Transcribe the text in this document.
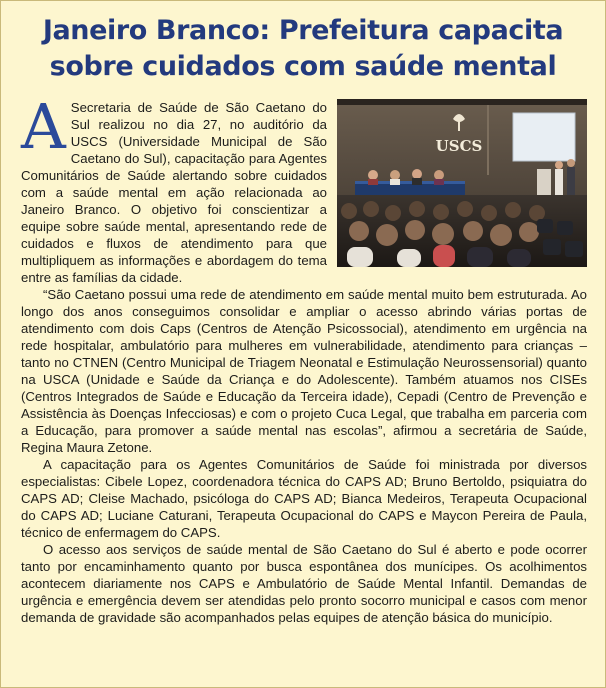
Janeiro Branco: Prefeitura capacita
sobre cuidados com saúde mental
USCS

A Secretaria de Saúde de São Caetano do Sul realizou no dia 27, no auditório da USCS (Universidade Municipal de São Caetano do Sul), capacitação para Agentes Comunitários de Saúde alertando sobre cuidados com a saúde mental em ação relacionada ao Janeiro Branco. O objetivo foi conscientizar a equipe sobre saúde mental, apresentando rede de cuidados e fluxos de atendimento para que multipliquem as informações e abordagem do tema entre as famílias da cidade.

“São Caetano possui uma rede de atendimento em saúde mental muito bem estruturada. Ao longo dos anos conseguimos consolidar e ampliar o acesso abrindo várias portas de atendimento com dois Caps (Centros de Atenção Psicossocial), atendimento em urgência na rede hospitalar, ambulatório para mulheres em vulnerabilidade, atendimento para crianças – tanto no CTNEN (Centro Municipal de Triagem Neonatal e Estimulação Neurossensorial) quanto na USCA (Unidade e Saúde da Criança e do Adolescente). Também atuamos nos CISEs (Centros Integrados de Saúde e Educação da Terceira idade), Cepadi (Centro de Prevenção e Assistência às Doenças Infecciosas) e com o projeto Cuca Legal, que trabalha em parceria com a Educação, para promover a saúde mental nas escolas”, afirmou a secretária de Saúde, Regina Maura Zetone.

A capacitação para os Agentes Comunitários de Saúde foi ministrada por diversos especialistas: Cibele Lopez, coordenadora técnica do CAPS AD; Bruno Bertoldo, psiquiatra do CAPS AD; Cleise Machado, psicóloga do CAPS AD; Bianca Medeiros, Terapeuta Ocupacional do CAPS AD; Luciane Caturani, Terapeuta Ocupacional do CAPS e Maycon Pereira de Paula, técnico de enfermagem do CAPS.

O acesso aos serviços de saúde mental de São Caetano do Sul é aberto e pode ocorrer tanto por encaminhamento quanto por busca espontânea dos munícipes. Os acolhimentos acontecem diariamente nos CAPS e Ambulatório de Saúde Mental Infantil. Demandas de urgência e emergência devem ser atendidas pelo pronto socorro municipal e casos com menor demanda de gravidade são acompanhados pelas equipes de atenção básica do município.
